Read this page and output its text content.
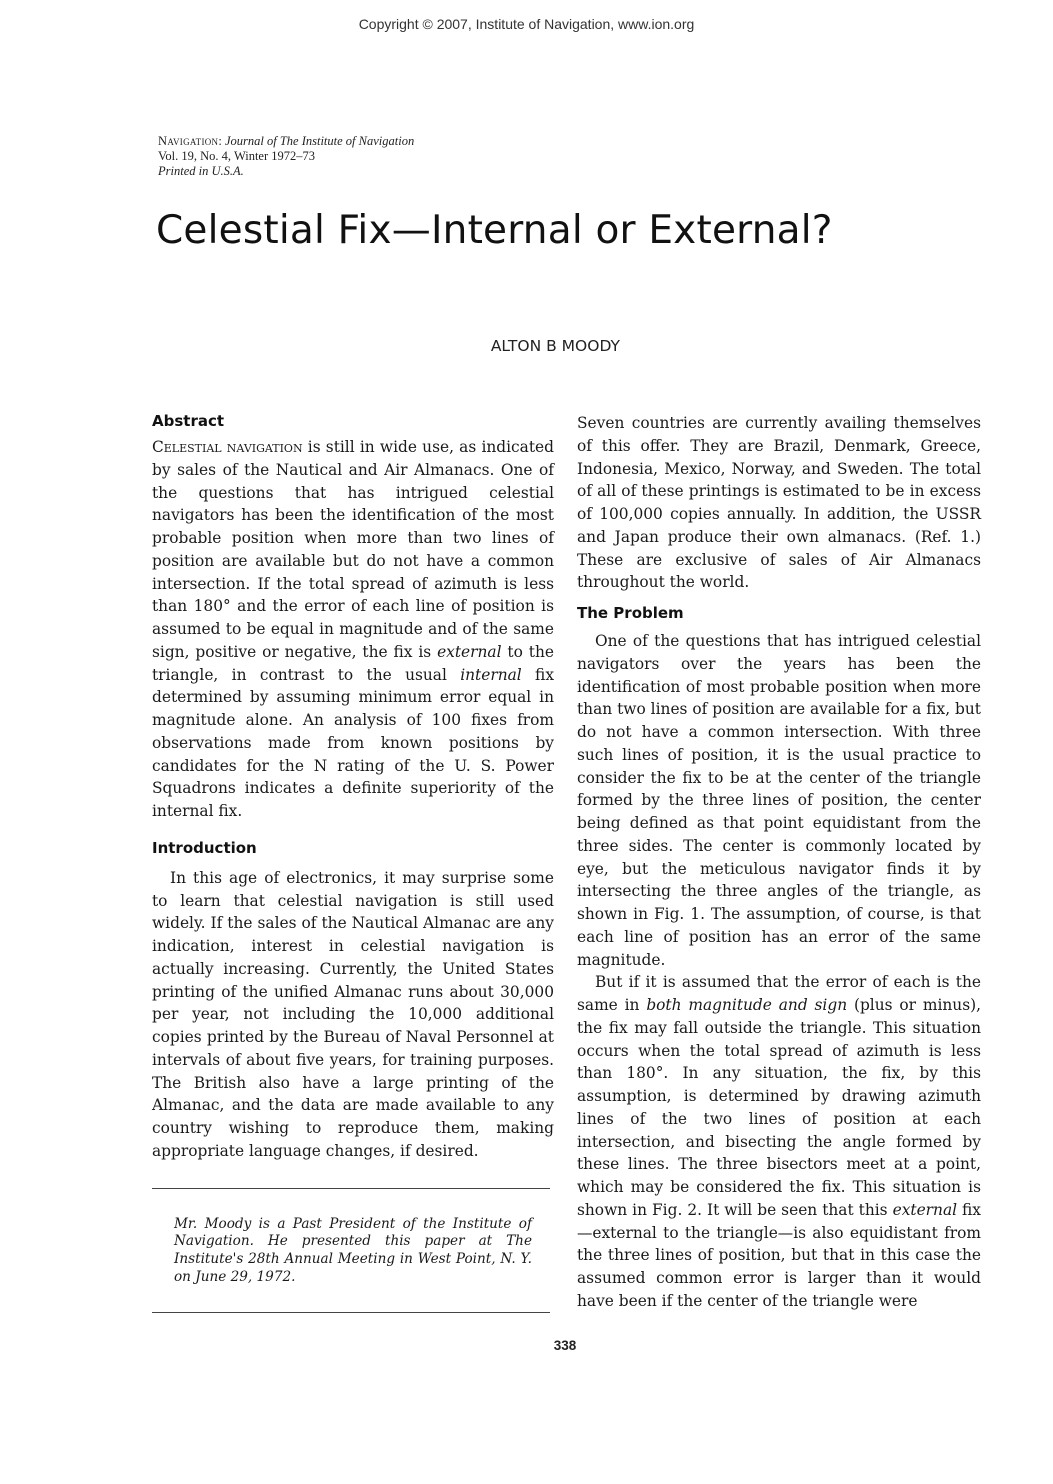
Copyright © 2007, Institute of Navigation, www.ion.org
Navigation: Journal of The Institute of Navigation
Vol. 19, No. 4, Winter 1972–73
Printed in U.S.A.
Celestial Fix—Internal or External?
ALTON B MOODY
Abstract

Celestial navigation is still in wide use, as indicated by sales of the Nautical and Air Almanacs. One of the questions that has intrigued celestial navigators has been the identification of the most probable position when more than two lines of position are available but do not have a common intersection. If the total spread of azimuth is less than 180° and the error of each line of position is assumed to be equal in magnitude and of the same sign, positive or negative, the fix is external to the triangle, in contrast to the usual internal fix determined by assuming minimum error equal in magnitude alone. An analysis of 100 fixes from observations made from known positions by candidates for the N rating of the U. S. Power Squadrons indicates a definite superiority of the internal fix.

Introduction

In this age of electronics, it may surprise some to learn that celestial navigation is still used widely. If the sales of the Nautical Almanac are any indication, interest in celestial navigation is actually increasing. Currently, the United States printing of the unified Almanac runs about 30,000 per year, not including the 10,000 additional copies printed by the Bureau of Naval Personnel at intervals of about five years, for training purposes. The British also have a large printing of the Almanac, and the data are made available to any country wishing to reproduce them, making appropriate language changes, if desired.

Mr. Moody is a Past President of the Institute of Navigation. He presented this paper at The Institute's 28th Annual Meeting in West Point, N. Y. on June 29, 1972.

Seven countries are currently availing themselves of this offer. They are Brazil, Denmark, Greece, Indonesia, Mexico, Norway, and Sweden. The total of all of these printings is estimated to be in excess of 100,000 copies annually. In addition, the USSR and Japan produce their own almanacs. (Ref. 1.) These are exclusive of sales of Air Almanacs throughout the world.

The Problem

One of the questions that has intrigued celestial navigators over the years has been the identification of most probable position when more than two lines of position are available for a fix, but do not have a common intersection. With three such lines of position, it is the usual practice to consider the fix to be at the center of the triangle formed by the three lines of position, the center being defined as that point equidistant from the three sides. The center is commonly located by eye, but the meticulous navigator finds it by intersecting the three angles of the triangle, as shown in Fig. 1. The assumption, of course, is that each line of position has an error of the same magnitude.

But if it is assumed that the error of each is the same in both magnitude and sign (plus or minus), the fix may fall outside the triangle. This situation occurs when the total spread of azimuth is less than 180°. In any situation, the fix, by this assumption, is determined by drawing azimuth lines of the two lines of position at each intersection, and bisecting the angle formed by these lines. The three bisectors meet at a point, which may be considered the fix. This situation is shown in Fig. 2. It will be seen that this external fix—external to the triangle—is also equidistant from the three lines of position, but that in this case the assumed common error is larger than it would have been if the center of the triangle were

338
